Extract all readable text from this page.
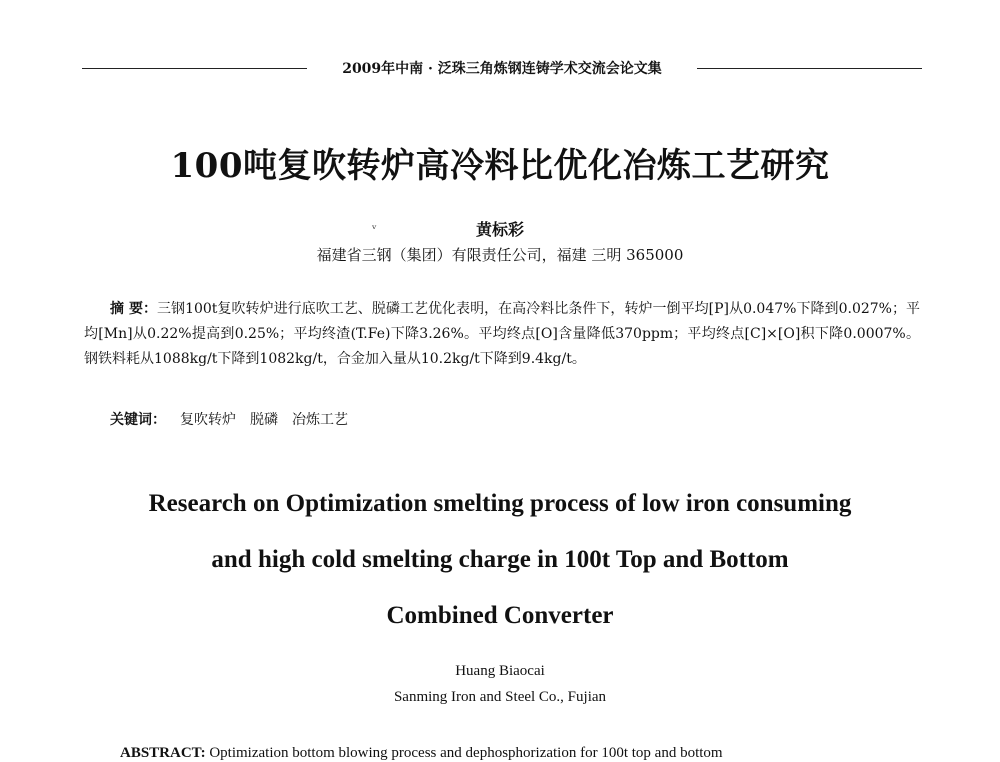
2009年中南 · 泛珠三角炼钢连铸学术交流会论文集
100吨复吹转炉高冷料比优化冶炼工艺研究
ᵛ	黄标彩
福建省三钢（集团）有限责任公司，福建 三明 365000
摘 要：三钢100t复吹转炉进行底吹工艺、脱磷工艺优化表明，在高冷料比条件下，转炉一倒平均[P]从0.047%下降到0.027%；平均[Mn]从0.22%提高到0.25%；平均终渣(T.Fe)下降3.26%。平均终点[O]含量降低370ppm；平均终点[C]×[O]积下降0.0007%。钢铁料耗从1088kg/t下降到1082kg/t，合金加入量从10.2kg/t下降到9.4kg/t。
关键词： 复吹转炉 脱磷 冶炼工艺
Research on Optimization smelting process of low iron consuming
and high cold smelting charge in 100t Top and Bottom
Combined Converter
Huang Biaocai
Sanming Iron and Steel Co., Fujian
ABSTRACT: Optimization bottom blowing process and dephosphorization for 100t top and bottom
